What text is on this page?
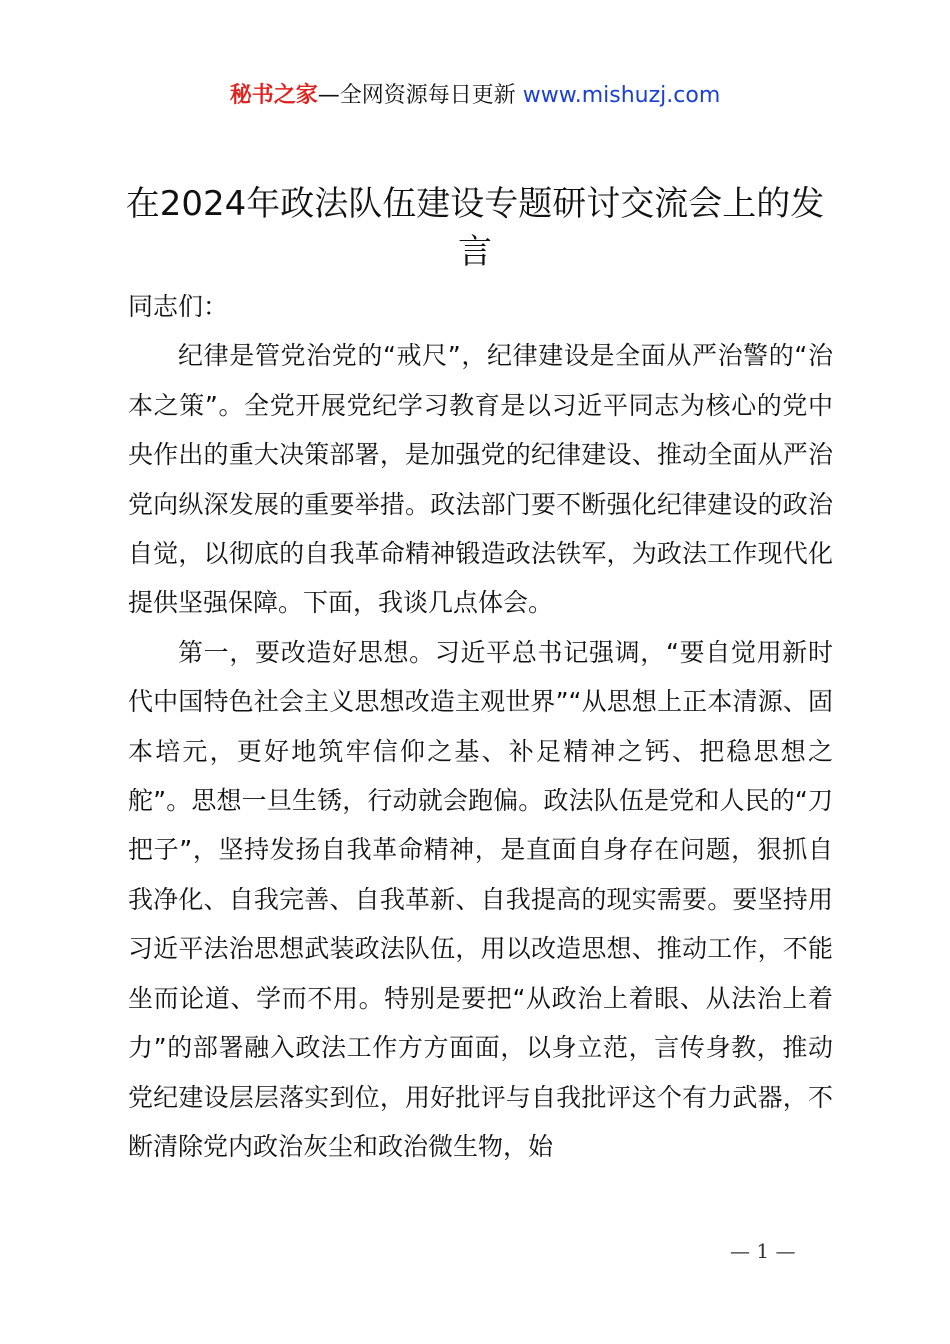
秘书之家—全网资源每日更新 www.mishuzj.com
在2024年政法队伍建设专题研讨交流会上的发言

同志们：

纪律是管党治党的“戒尺”，纪律建设是全面从严治警的“治本之策”。全党开展党纪学习教育是以习近平同志为核心的党中央作出的重大决策部署，是加强党的纪律建设、推动全面从严治党向纵深发展的重要举措。政法部门要不断强化纪律建设的政治自觉，以彻底的自我革命精神锻造政法铁军，为政法工作现代化提供坚强保障。下面，我谈几点体会。

第一，要改造好思想。习近平总书记强调，“要自觉用新时代中国特色社会主义思想改造主观世界”“从思想上正本清源、固本培元，更好地筑牢信仰之基、补足精神之钙、把稳思想之舵”。思想一旦生锈，行动就会跑偏。政法队伍是党和人民的“刀把子”，坚持发扬自我革命精神，是直面自身存在问题，狠抓自我净化、自我完善、自我革新、自我提高的现实需要。要坚持用习近平法治思想武装政法队伍，用以改造思想、推动工作，不能坐而论道、学而不用。特别是要把“从政治上着眼、从法治上着力”的部署融入政法工作方方面面，以身立范，言传身教，推动党纪建设层层落实到位，用好批评与自我批评这个有力武器，不断清除党内政治灰尘和政治微生物，始

— 1 —
